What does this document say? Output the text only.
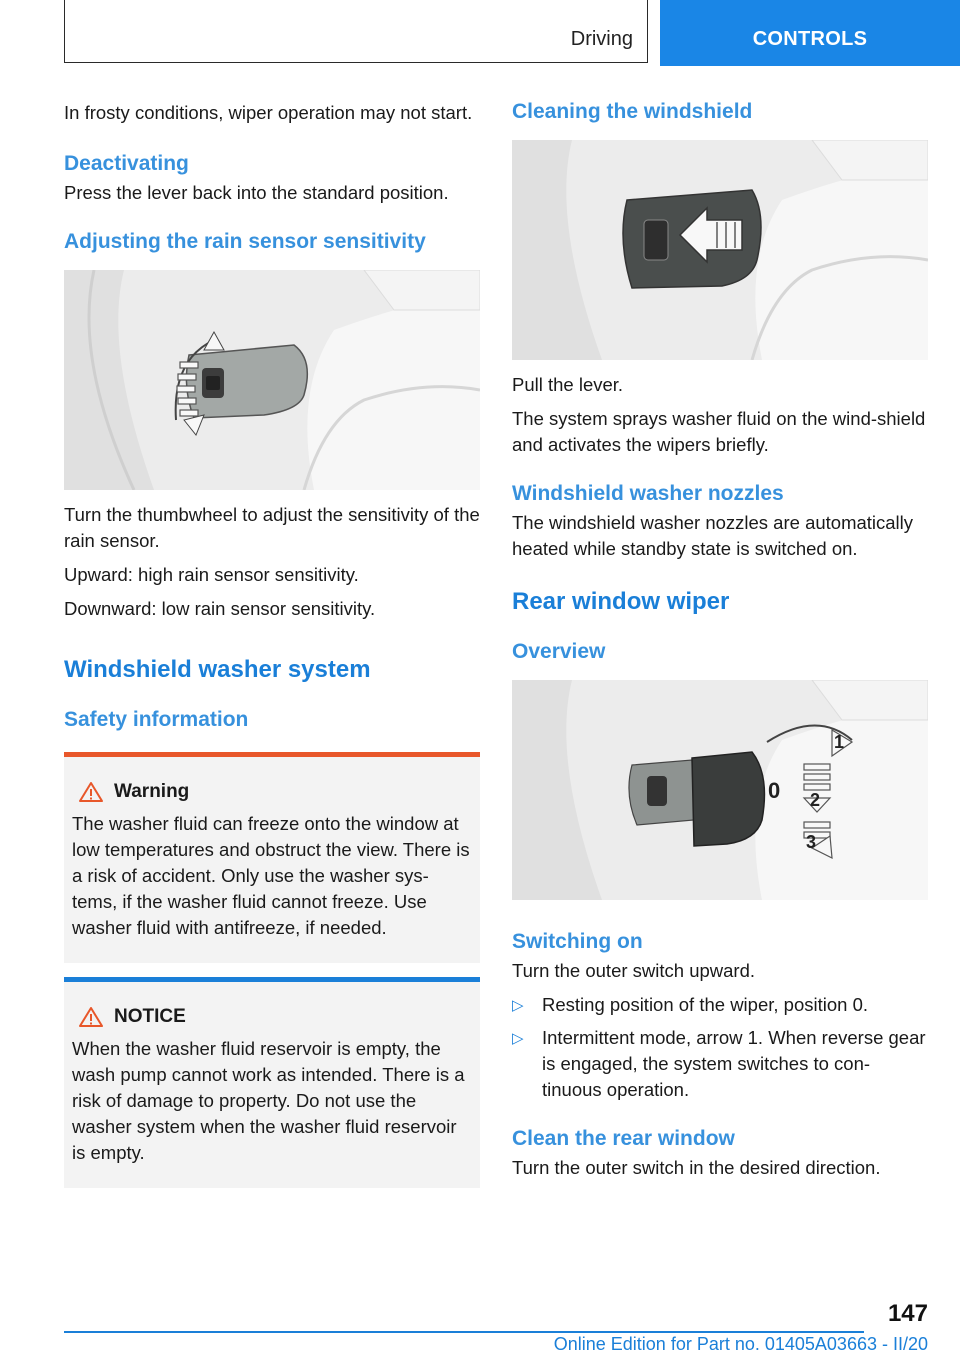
Driving	CONTROLS

In frosty conditions, wiper operation may not start.

Deactivating

Press the lever back into the standard position.

Adjusting the rain sensor sensitivity

Turn the thumbwheel to adjust the sensitivity of the rain sensor.

Upward: high rain sensor sensitivity.

Downward: low rain sensor sensitivity.

Windshield washer system
Safety information
Warning

The washer fluid can freeze onto the window at low temperatures and obstruct the view. There is a risk of accident. Only use the washer sys-tems, if the washer fluid cannot freeze. Use washer fluid with antifreeze, if needed.

NOTICE

When the washer fluid reservoir is empty, the wash pump cannot work as intended. There is a risk of damage to property. Do not use the washer system when the washer fluid reservoir is empty.

Cleaning the windshield

Pull the lever.

The system sprays washer fluid on the wind-shield and activates the wipers briefly.

Windshield washer nozzles

The windshield washer nozzles are automatically heated while standby state is switched on.

Rear window wiper
Overview
1
0 2
3
Switching on

Turn the outer switch upward.

▷ Resting position of the wiper, position 0.
▷ Intermittent mode, arrow 1. When reverse gear is engaged, the system switches to con-tinuous operation.
Clean the rear window

Turn the outer switch in the desired direction.

147
Online Edition for Part no. 01405A03663 - II/20
